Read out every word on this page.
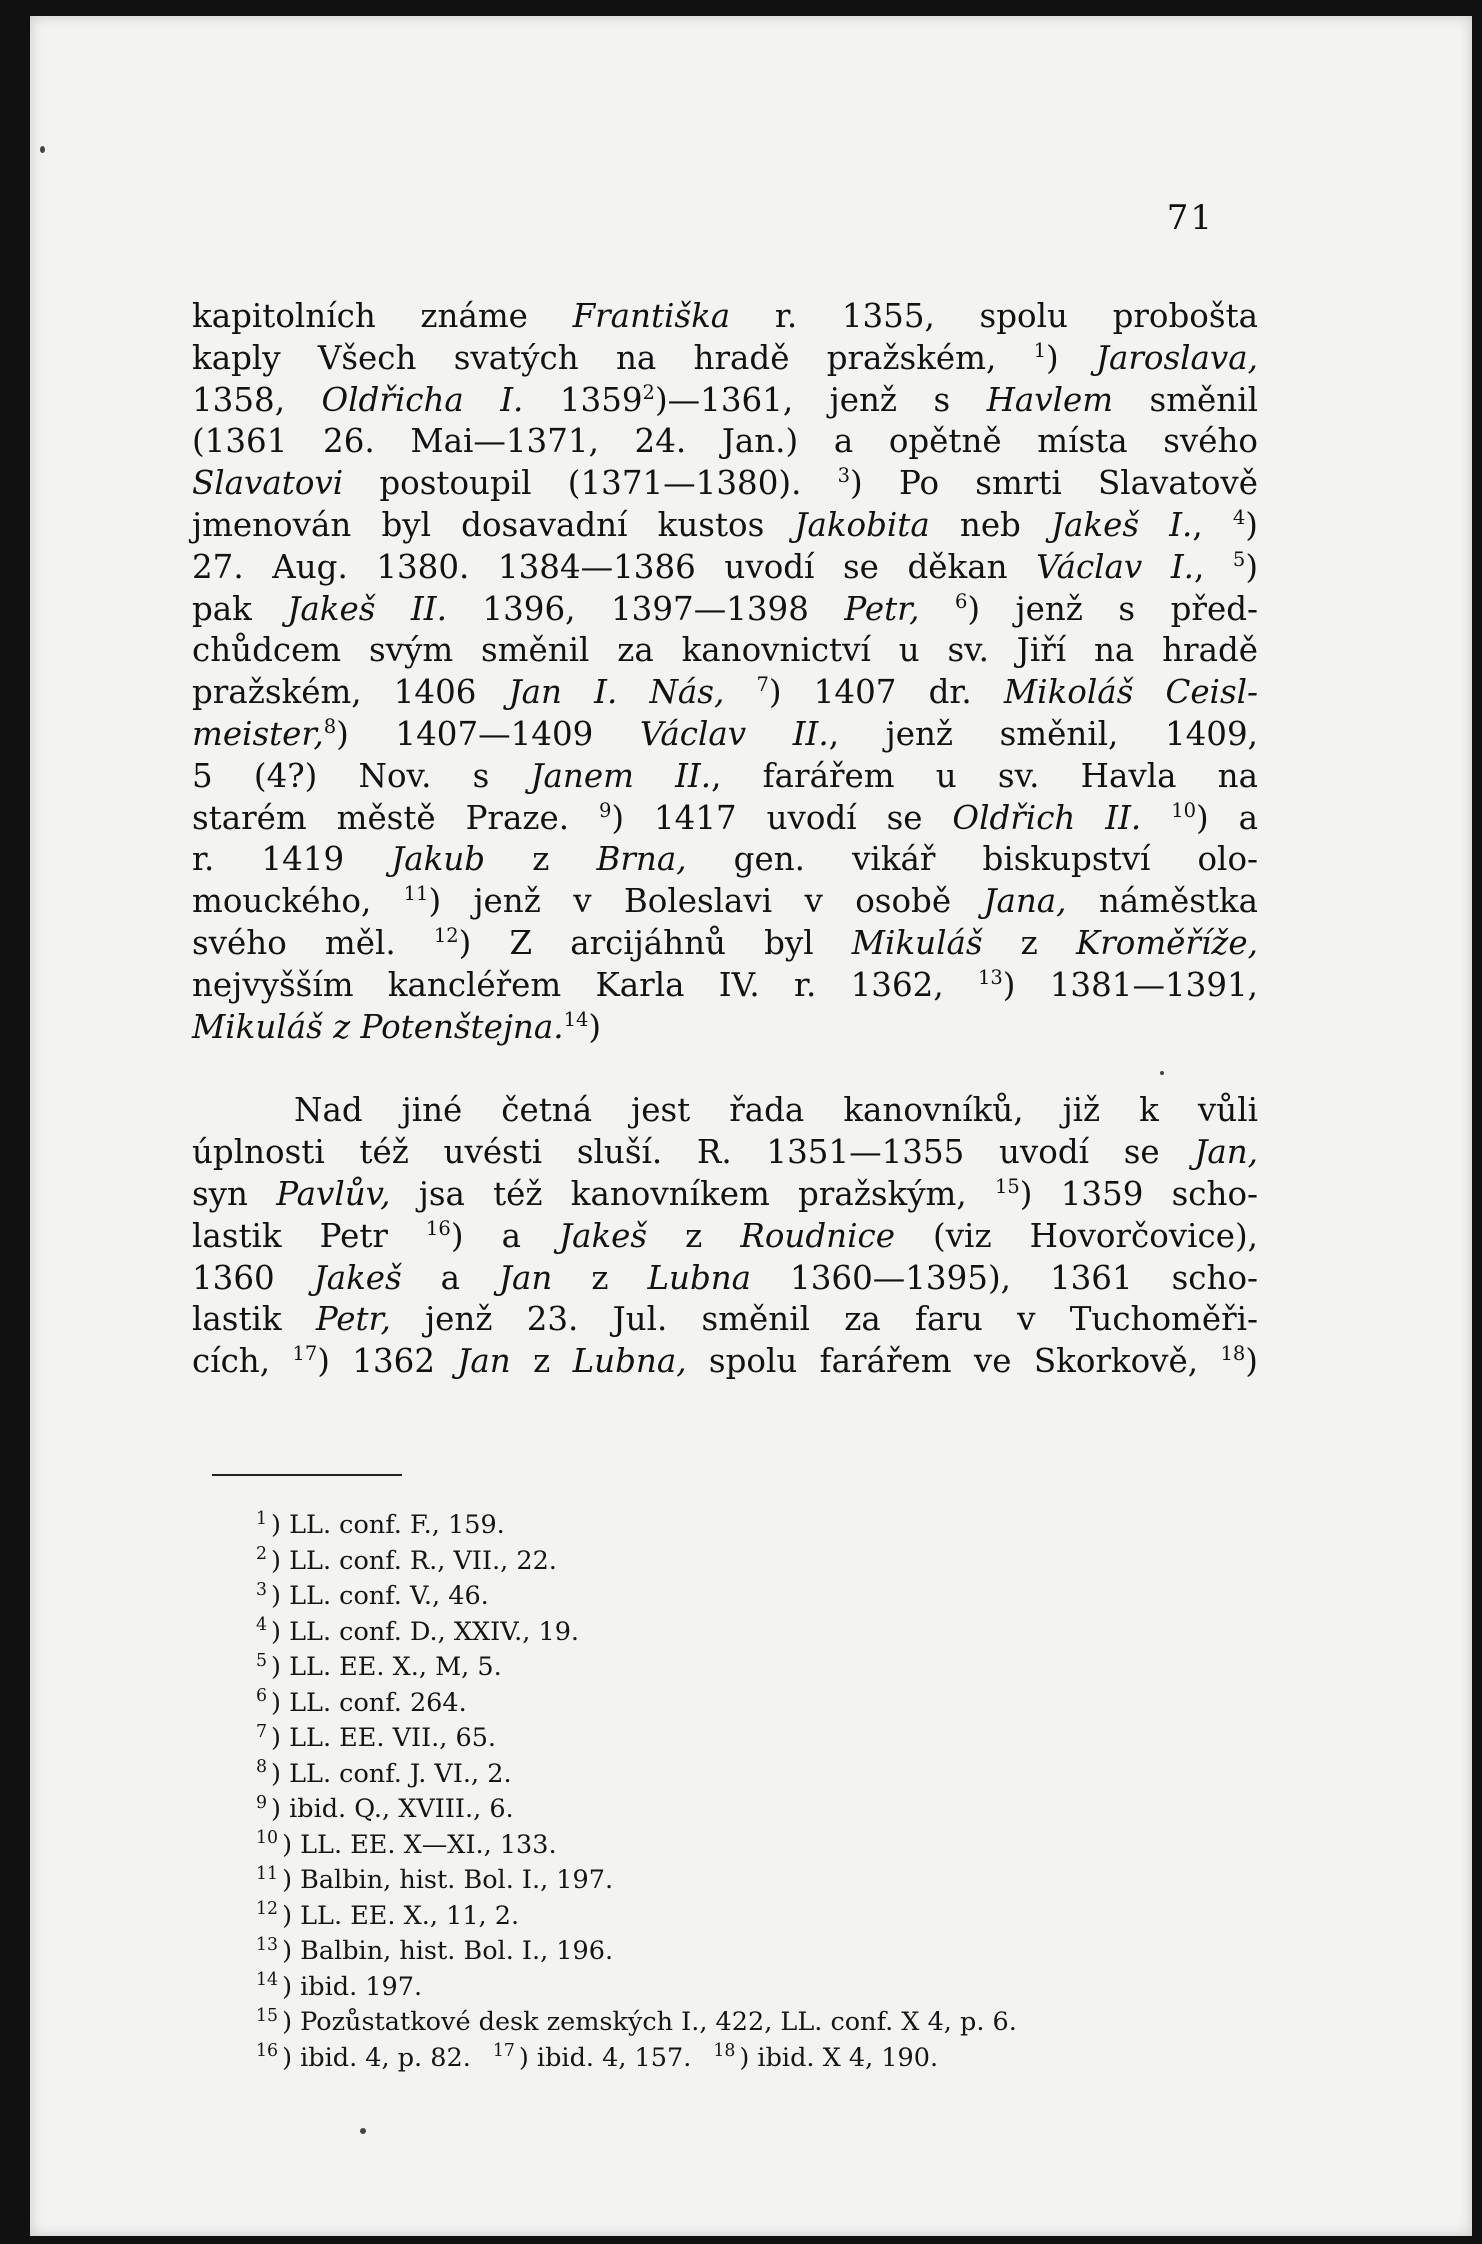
71

kapitolních známe Františka r. 1355, spolu proboštа
kaply Všech svatých na hradě pražském, $^1$) Jaroslava,
1358, Oldřicha I. 1359$^2$)—1361, jenž s Havlem směnil
(1361 26. Mai—1371, 24. Jan.) a opětně místa svého
Slavatovi postoupil (1371—1380). $^3$) Po smrti Slavatově
jmenován byl dosavadní kustos Jakobita neb Jakeš I., $^4$)
27. Aug. 1380. 1384—1386 uvodí se děkan Václav I., $^5$)
pak Jakeš II. 1396, 1397—1398 Petr, $^6$) jenž s před-
chůdcem svým směnil za kanovnictví u sv. Jiří na hradě
pražském, 1406 Jan I. Nás, $^7$) 1407 dr. Mikoláš Ceisl-
meister,$^8$) 1407—1409 Václav II., jenž směnil, 1409,
5 (4?) Nov. s Janem II., farářem u sv. Havla na
starém městě Praze. $^9$) 1417 uvodí se Oldřich II. $^{10}$) a
r. 1419 Jakub z Brna, gen. vikář biskupství olo-
mouckého, $^{11}$) jenž v Boleslavi v osobě Jana, náměstka
svého měl. $^{12}$) Z arcijáhnů byl Mikuláš z Kroměříže,
nejvyšším kancléřem Karla IV. r. 1362, $^{13}$) 1381—1391,
Mikuláš z Potenštejna.$^{14}$)

Nad jiné četná jest řada kanovníků, již k vůli
úplnosti též uvésti sluší. R. 1351—1355 uvodí se Jan,
syn Pavlův, jsa též kanovníkem pražským, $^{15}$) 1359 scho-
lastik Petr $^{16}$) a Jakeš z Roudnice (viz Hovorčovice),
1360 Jakeš a Jan z Lubna 1360—1395), 1361 scho-
lastik Petr, jenž 23. Jul. směnil za faru v Tuchoměři-
cích, $^{17}$) 1362 Jan z Lubna, spolu farářem ve Skorkově, $^{18}$)

$^1$ ) LL. conf. F., 159.
$^2$ ) LL. conf. R., VII., 22.
$^3$ ) LL. conf. V., 46.
$^4$ ) LL. conf. D., XXIV., 19.
$^5$ ) LL. EE. X., M, 5.
$^6$ ) LL. conf. 264.
$^7$ ) LL. EE. VII., 65.
$^8$ ) LL. conf. J. VI., 2.
$^9$ ) ibid. Q., XVIII., 6.
$^{10}$ ) LL. EE. X—XI., 133.
$^{11}$ ) Balbin, hist. Bol. I., 197.
$^{12}$ ) LL. EE. X., 11, 2.
$^{13}$ ) Balbin, hist. Bol. I., 196.
$^{14}$ ) ibid. 197.
$^{15}$ ) Pozůstatkové desk zemských I., 422, LL. conf. X 4, p. 6.
$^{16}$ ) ibid. 4, p. 82. $^{17}$ ) ibid. 4, 157. $^{18}$ ) ibid. X 4, 190.
